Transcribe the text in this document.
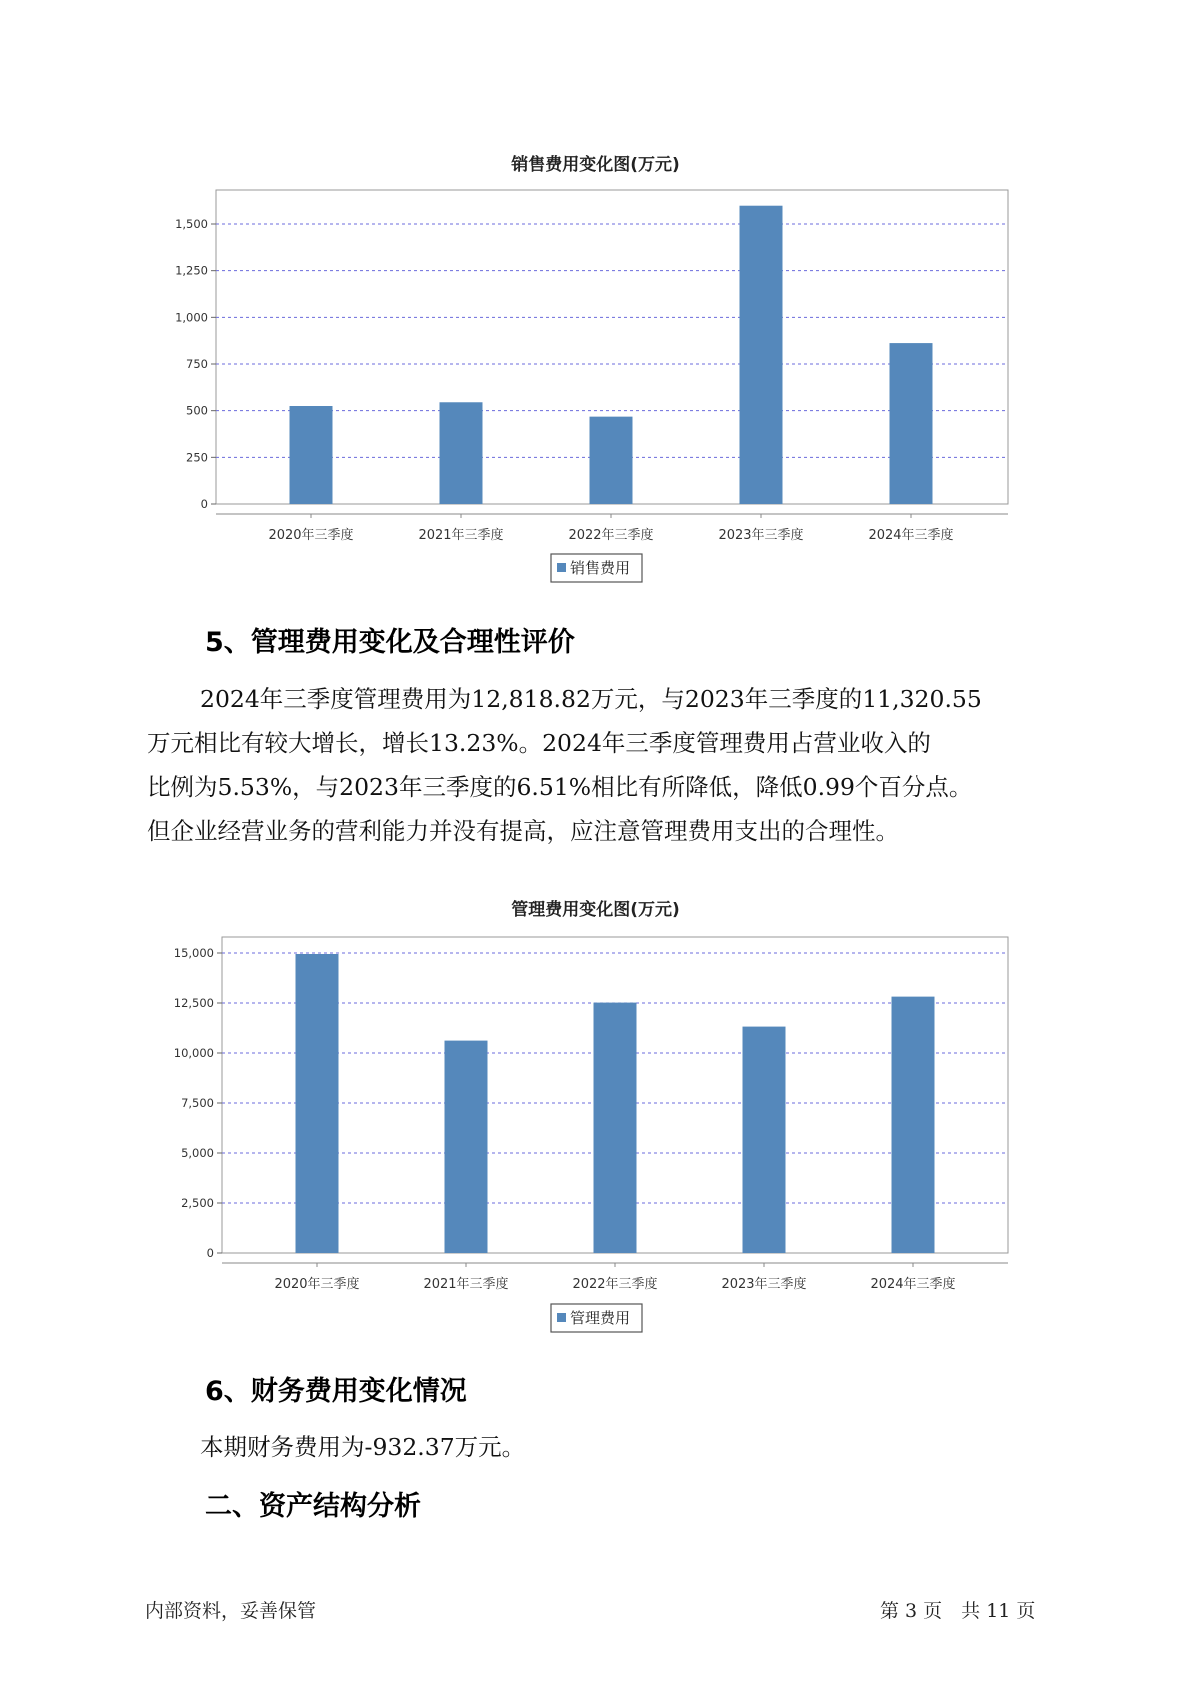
销售费用变化图(万元)
0
250
500
750
1,000
1,250
1,500
2020年三季度	2021年三季度	2022年三季度	2023年三季度	2024年三季度
销售费用
5、管理费用变化及合理性评价
2024年三季度管理费用为12,818.82万元，与2023年三季度的11,320.55
万元相比有较大增长，增长13.23%。2024年三季度管理费用占营业收入的
比例为5.53%，与2023年三季度的6.51%相比有所降低，降低0.99个百分点。
但企业经营业务的营利能力并没有提高，应注意管理费用支出的合理性。
管理费用变化图(万元)
0
2,500
5,000
7,500
10,000
12,500
15,000
2020年三季度	2021年三季度	2022年三季度	2023年三季度	2024年三季度
管理费用
6、财务费用变化情况
本期财务费用为-932.37万元。
二、资产结构分析
内部资料，妥善保管	第 3 页　共 11 页
